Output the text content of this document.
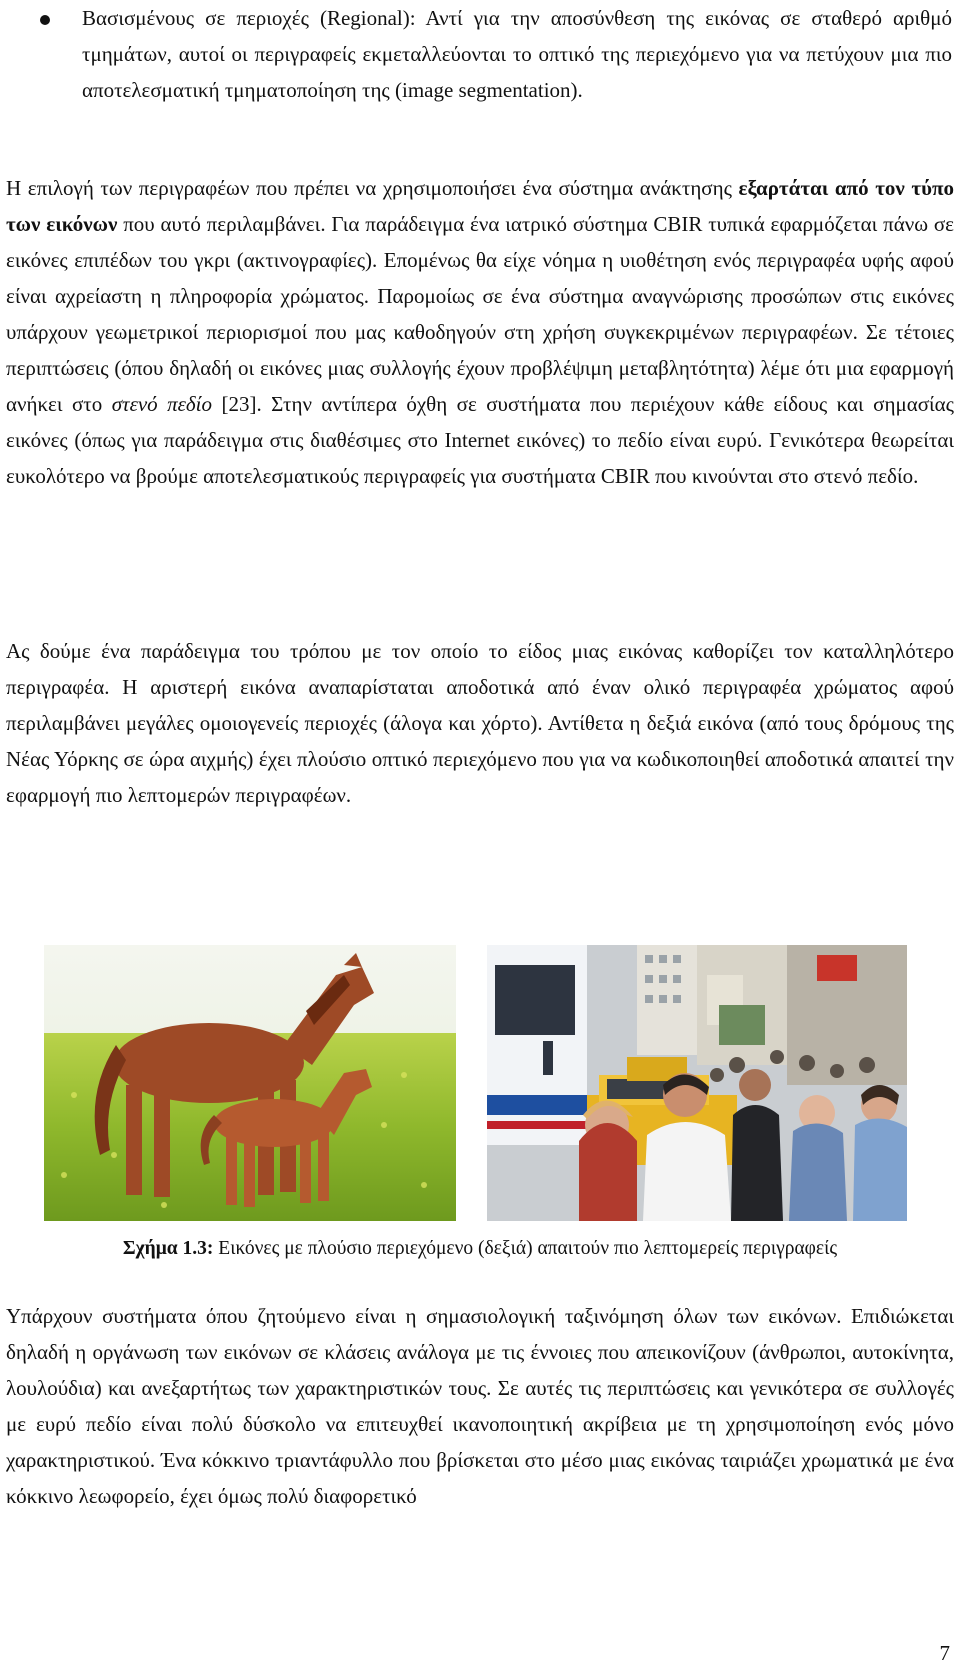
Βασισμένους σε περιοχές (Regional): Αντί για την αποσύνθεση της εικόνας σε σταθερό αριθμό τμημάτων, αυτοί οι περιγραφείς εκμεταλλεύονται το οπτικό της περιεχόμενο για να πετύχουν μια πιο αποτελεσματική τμηματοποίηση της (image segmentation).
Η επιλογή των περιγραφέων που πρέπει να χρησιμοποιήσει ένα σύστημα ανάκτησης εξαρτάται από τον τύπο των εικόνων που αυτό περιλαμβάνει. Για παράδειγμα ένα ιατρικό σύστημα CBIR τυπικά εφαρμόζεται πάνω σε εικόνες επιπέδων του γκρι (ακτινογραφίες). Επομένως θα είχε νόημα η υιοθέτηση ενός περιγραφέα υφής αφού είναι αχρείαστη η πληροφορία χρώματος. Παρομοίως σε ένα σύστημα αναγνώρισης προσώπων στις εικόνες υπάρχουν γεωμετρικοί περιορισμοί που μας καθοδηγούν στη χρήση συγκεκριμένων περιγραφέων. Σε τέτοιες περιπτώσεις (όπου δηλαδή οι εικόνες μιας συλλογής έχουν προβλέψιμη μεταβλητότητα) λέμε ότι μια εφαρμογή ανήκει στο στενό πεδίο [23]. Στην αντίπερα όχθη σε συστήματα που περιέχουν κάθε είδους και σημασίας εικόνες (όπως για παράδειγμα στις διαθέσιμες στο Internet εικόνες) το πεδίο είναι ευρύ. Γενικότερα θεωρείται ευκολότερο να βρούμε αποτελεσματικούς περιγραφείς για συστήματα CBIR που κινούνται στο στενό πεδίο.
Ας δούμε ένα παράδειγμα του τρόπου με τον οποίο το είδος μιας εικόνας καθορίζει τον καταλληλότερο περιγραφέα. Η αριστερή εικόνα αναπαρίσταται αποδοτικά από έναν ολικό περιγραφέα χρώματος αφού περιλαμβάνει μεγάλες ομοιογενείς περιοχές (άλογα και χόρτο). Αντίθετα η δεξιά εικόνα (από τους δρόμους της Νέας Υόρκης σε ώρα αιχμής) έχει πλούσιο οπτικό περιεχόμενο που για να κωδικοποιηθεί αποδοτικά απαιτεί την εφαρμογή πιο λεπτομερών περιγραφέων.
Σχήμα 1.3: Εικόνες με πλούσιο περιεχόμενο (δεξιά) απαιτούν πιο λεπτομερείς περιγραφείς
Υπάρχουν συστήματα όπου ζητούμενο είναι η σημασιολογική ταξινόμηση όλων των εικόνων. Επιδιώκεται δηλαδή η οργάνωση των εικόνων σε κλάσεις ανάλογα με τις έννοιες που απεικονίζουν (άνθρωποι, αυτοκίνητα, λουλούδια) και ανεξαρτήτως των χαρακτηριστικών τους. Σε αυτές τις περιπτώσεις και γενικότερα σε συλλογές με ευρύ πεδίο είναι πολύ δύσκολο να επιτευχθεί ικανοποιητική ακρίβεια με τη χρησιμοποίηση ενός μόνο χαρακτηριστικού. Ένα κόκκινο τριαντάφυλλο που βρίσκεται στο μέσο μιας εικόνας ταιριάζει χρωματικά με ένα κόκκινο λεωφορείο, έχει όμως πολύ διαφορετικό
7
